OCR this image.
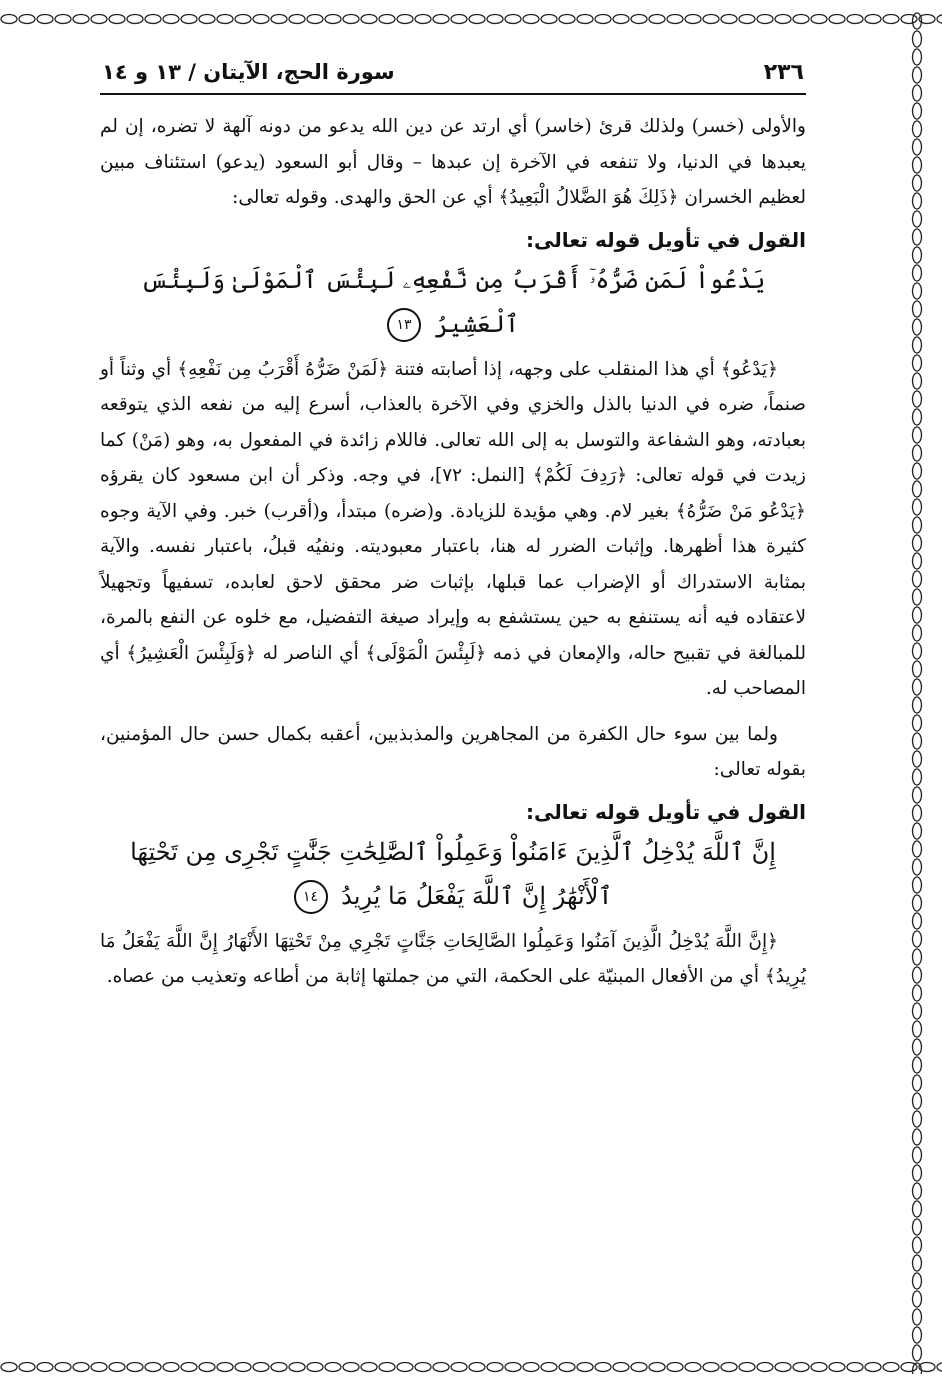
٢٣٦
سورة الحج، الآيتان / ١٣ و ١٤

والأولى (خسر) ولذلك قرئ (خاسر) أي ارتد عن دين الله يدعو من دونه آلهة لا تضره، إن لم يعبدها في الدنيا، ولا تنفعه في الآخرة إن عبدها – وقال أبو السعود (يدعو) استئناف مبين لعظيم الخسران ﴿ذَلِكَ هُوَ الضَّلالُ الْبَعِيدُ﴾ أي عن الحق والهدى. وقوله تعالى:

القول في تأويل قوله تعالى:
يَدْعُواْ لَمَن ضَرُّهُۥٓ أَقْرَبُ مِن نَّفْعِهِۦ لَبِئْسَ ٱلْمَوْلَىٰ وَلَبِئْسَ ٱلْعَشِيرُ ١٣

﴿يَدْعُو﴾ أي هذا المنقلب على وجهه، إذا أصابته فتنة ﴿لَمَنْ ضَرُّهُ أَقْرَبُ مِن نَفْعِهِ﴾ أي وثناً أو صنماً، ضره في الدنيا بالذل والخزي وفي الآخرة بالعذاب، أسرع إليه من نفعه الذي يتوقعه بعبادته، وهو الشفاعة والتوسل به إلى الله تعالى. فاللام زائدة في المفعول به، وهو (مَنْ) كما زيدت في قوله تعالى: ﴿رَدِفَ لَكُمْ﴾ [النمل: ٧٢]، في وجه. وذكر أن ابن مسعود كان يقرؤه ﴿يَدْعُو مَنْ ضَرُّهُ﴾ بغير لام. وهي مؤيدة للزيادة. و(ضره) مبتدأ، و(أقرب) خبر. وفي الآية وجوه كثيرة هذا أظهرها. وإثبات الضرر له هنا، باعتبار معبوديته. ونفيُه قبلُ، باعتبار نفسه. والآية بمثابة الاستدراك أو الإضراب عما قبلها، بإثبات ضر محقق لاحق لعابده، تسفيهاً وتجهيلاً لاعتقاده فيه أنه يستنفع به حين يستشفع به وإيراد صيغة التفضيل، مع خلوه عن النفع بالمرة، للمبالغة في تقبيح حاله، والإمعان في ذمه ﴿لَبِئْسَ الْمَوْلَى﴾ أي الناصر له ﴿وَلَبِئْسَ الْعَشِيرُ﴾ أي المصاحب له.

ولما بين سوء حال الكفرة من المجاهرين والمذبذبين، أعقبه بكمال حسن حال المؤمنين، بقوله تعالى:

القول في تأويل قوله تعالى:
إِنَّ ٱللَّهَ يُدْخِلُ ٱلَّذِينَ ءَامَنُواْ وَعَمِلُواْ ٱلصَّٰلِحَٰتِ جَنَّٰتٍ تَجْرِى مِن تَحْتِهَا
ٱلْأَنْهَٰرُ إِنَّ ٱللَّهَ يَفْعَلُ مَا يُرِيدُ ١٤

﴿إِنَّ اللَّهَ يُدْخِلُ الَّذِينَ آمَنُوا وَعَمِلُوا الصَّالِحَاتِ جَنَّاتٍ تَجْرِي مِنْ تَحْتِهَا الأَنْهَارُ إِنَّ اللَّهَ يَفْعَلُ مَا يُرِيدُ﴾ أي من الأفعال المبنيّة على الحكمة، التي من جملتها إثابة من أطاعه وتعذيب من عصاه.
